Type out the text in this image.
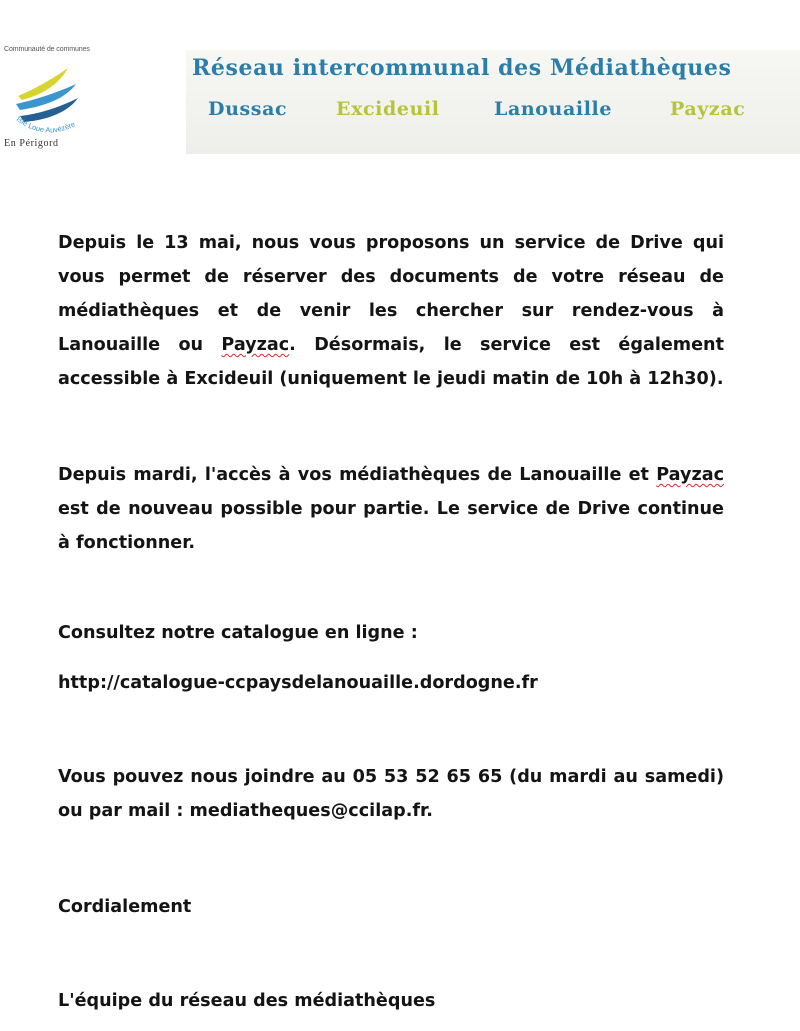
Communauté de communes
Isle Loue Auvézère
En Périgord
Réseau intercommunal des Médiathèques
Dussac	Excideuil	Lanouaille	Payzac

Depuis le 13 mai, nous vous proposons un service de Drive qui vous permet de réserver des documents de votre réseau de médiathèques et de venir les chercher sur rendez-vous à Lanouaille ou Payzac. Désormais, le service est également accessible à Excideuil (uniquement le jeudi matin de 10h à 12h30).

Depuis mardi, l'accès à vos médiathèques de Lanouaille et Payzac est de nouveau possible pour partie. Le service de Drive continue à fonctionner.

Consultez notre catalogue en ligne :

http://catalogue-ccpaysdelanouaille.dordogne.fr

Vous pouvez nous joindre au 05 53 52 65 65 (du mardi au samedi) ou par mail : mediatheques@ccilap.fr.

Cordialement

L'équipe du réseau des médiathèques
